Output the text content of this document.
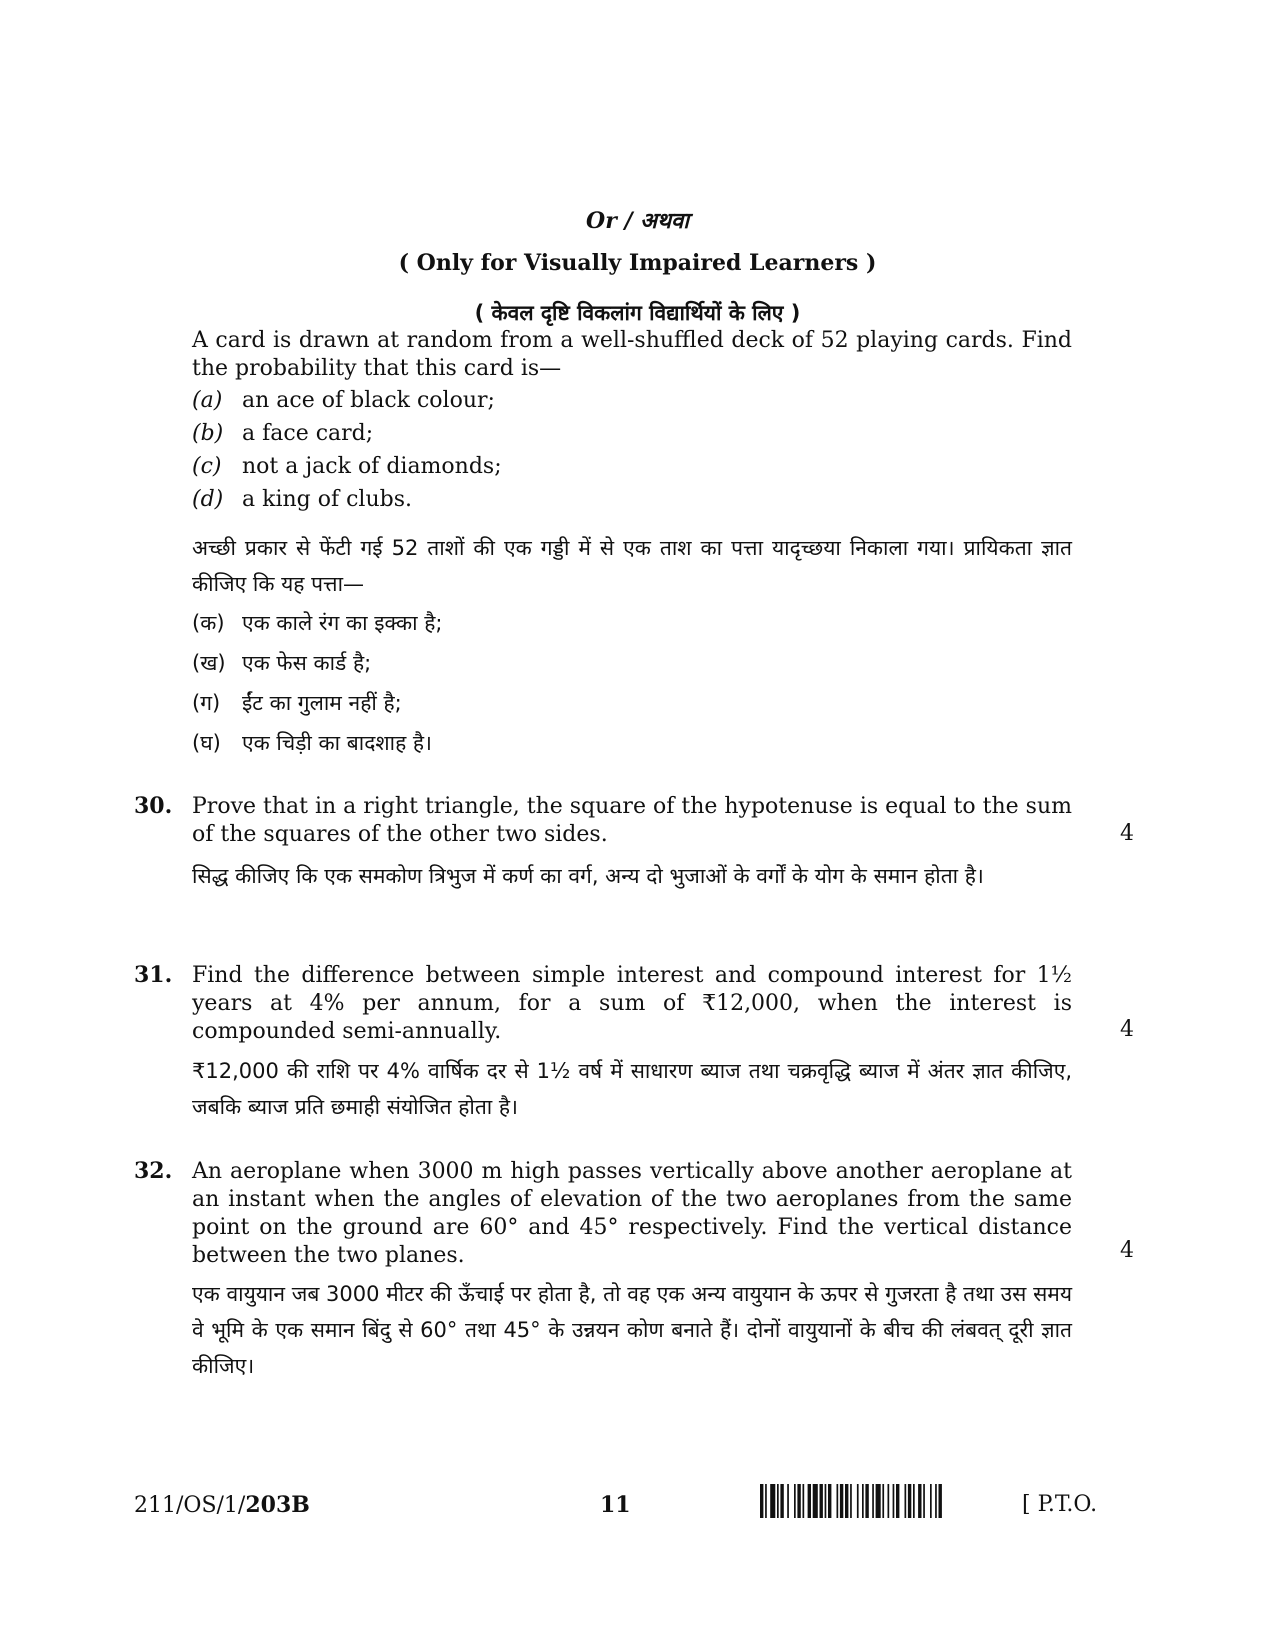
Or / अथवा
( Only for Visually Impaired Learners )
( केवल दृष्टि विकलांग विद्यार्थियों के लिए )
A card is drawn at random from a well-shuffled deck of 52 playing cards. Find the probability that this card is—
(a) an ace of black colour;
(b) a face card;
(c) not a jack of diamonds;
(d) a king of clubs.
अच्छी प्रकार से फेंटी गई 52 ताशों की एक गड्डी में से एक ताश का पत्ता यादृच्छया निकाला गया। प्रायिकता ज्ञात कीजिए कि यह पत्ता—
(क) एक काले रंग का इक्का है;
(ख) एक फेस कार्ड है;
(ग) ईंट का गुलाम नहीं है;
(घ) एक चिड़ी का बादशाह है।
30. Prove that in a right triangle, the square of the hypotenuse is equal to the sum of the squares of the other two sides.	4
सिद्ध कीजिए कि एक समकोण त्रिभुज में कर्ण का वर्ग, अन्य दो भुजाओं के वर्गों के योग के समान होता है।
31. Find the difference between simple interest and compound interest for 1½ years at 4% per annum, for a sum of ₹12,000, when the interest is compounded semi-annually.	4
₹12,000 की राशि पर 4% वार्षिक दर से 1½ वर्ष में साधारण ब्याज तथा चक्रवृद्धि ब्याज में अंतर ज्ञात कीजिए, जबकि ब्याज प्रति छमाही संयोजित होता है।
32. An aeroplane when 3000 m high passes vertically above another aeroplane at an instant when the angles of elevation of the two aeroplanes from the same point on the ground are 60° and 45° respectively. Find the vertical distance between the two planes.	4
एक वायुयान जब 3000 मीटर की ऊँचाई पर होता है, तो वह एक अन्य वायुयान के ऊपर से गुजरता है तथा उस समय वे भूमि के एक समान बिंदु से 60° तथा 45° के उन्नयन कोण बनाते हैं। दोनों वायुयानों के बीच की लंबवत् दूरी ज्ञात कीजिए।
211/OS/1/203B	11	[ P.T.O.
